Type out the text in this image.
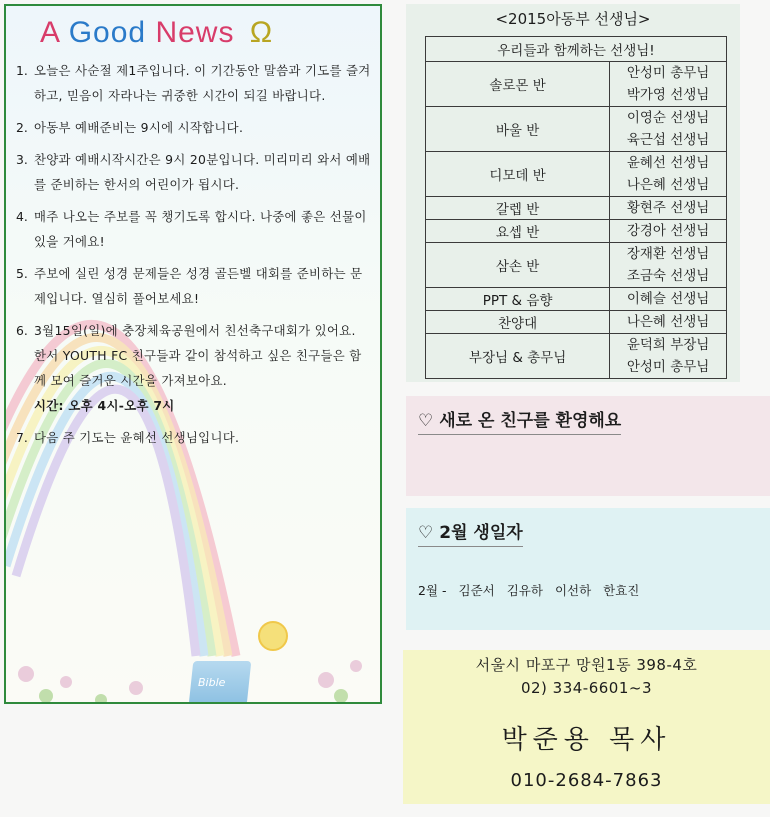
A Good News Ω
1. 오늘은 사순절 제1주입니다. 이 기간동안 말씀과 기도를 즐겨하고, 믿음이 자라나는 귀중한 시간이 되길 바랍니다.
2. 아동부 예배준비는 9시에 시작합니다.
3. 찬양과 예배시작시간은 9시 20분입니다. 미리미리 와서 예배를 준비하는 한서의 어린이가 됩시다.
4. 매주 나오는 주보를 꼭 챙기도록 합시다. 나중에 좋은 선물이 있을 거에요!
5. 주보에 실린 성경 문제들은 성경 골든벨 대회를 준비하는 문제입니다. 열심히 풀어보세요!
6. 3월15일(일)에 충장체육공원에서 친선축구대회가 있어요. 한서 YOUTH FC 친구들과 같이 참석하고 싶은 친구들은 함께 모여 즐거운 시간을 가져보아요.
시간: 오후 4시-오후 7시
7. 다음 주 기도는 윤혜선 선생님입니다.
Bible
<2015아동부 선생님>
우리들과 함께하는 선생님!	
솔로몬 반	안성미 총무님
박가영 선생님

바울 반	이영순 선생님
육근섭 선생님

디모데 반	윤혜선 선생님
나은혜 선생님

갈렙 반	황현주 선생님

요셉 반	강경아 선생님

삼손 반	장재환 선생님
조금숙 선생님

PPT & 음향	이혜슬 선생님

찬양대	나은혜 선생님

부장님 & 총무님	윤덕희 부장님
안성미 총무님
♡ 새로 온 친구를 환영해요
♡ 2월 생일자
2월 - 김준서 김유하 이선하 한효진
서울시 마포구 망원1동 398-4호
02) 334-6601~3
박준용 목사
010-2684-7863
